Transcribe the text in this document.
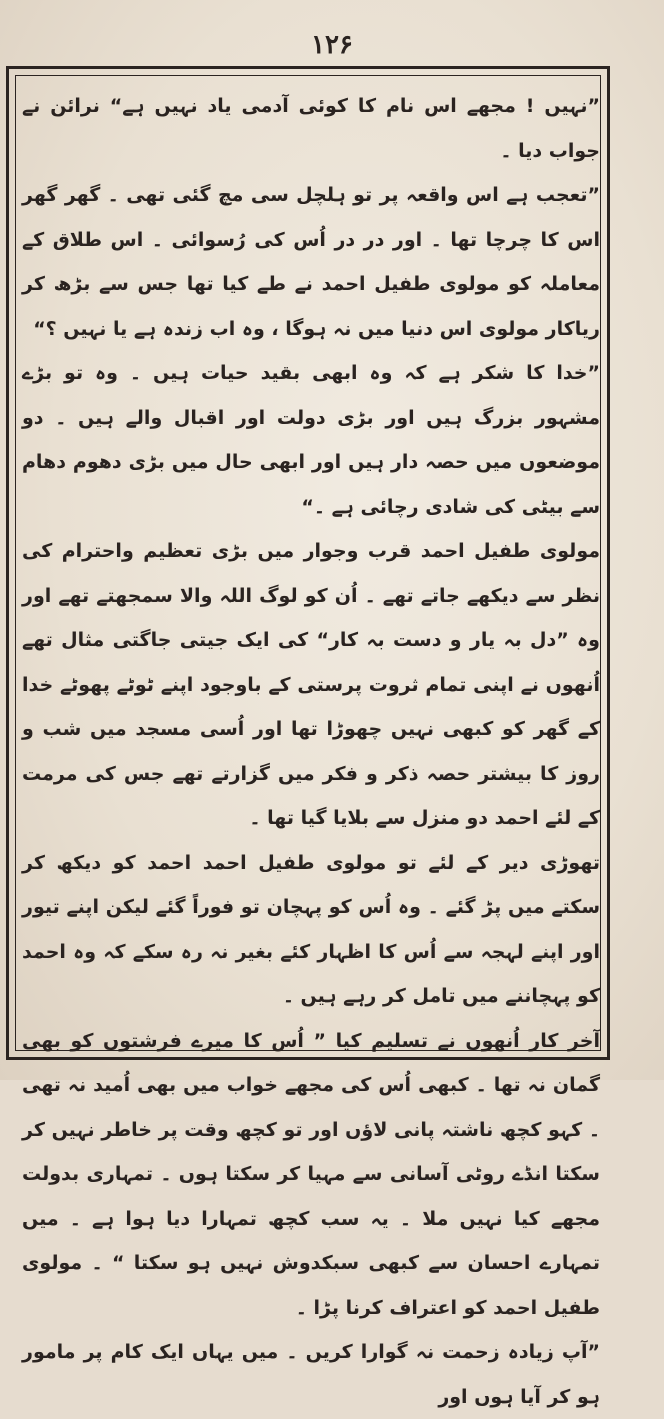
۱۲۶

”نہیں ! مجھے اس نام کا کوئی آدمی یاد نہیں ہے“ نرائن نے جواب دیا ۔

”تعجب ہے اس واقعہ پر تو ہلچل سی مچ گئی تھی ۔ گھر گھر اس کا چرچا تھا ۔ اور در در اُس کی رُسوائی ۔ اس طلاق کے معاملہ کو مولوی طفیل احمد نے طے کیا تھا جس سے بڑھ کر ریاکار مولوی اس دنیا میں نہ ہوگا ، وہ اب زندہ ہے یا نہیں ؟“

”خدا کا شکر ہے کہ وہ ابھی بقید حیات ہیں ۔ وہ تو بڑے مشہور بزرگ ہیں اور بڑی دولت اور اقبال والے ہیں ۔ دو موضعوں میں حصہ دار ہیں اور ابھی حال میں بڑی دھوم دھام سے بیٹی کی شادی رچائی ہے ۔“

مولوی طفیل احمد قرب وجوار میں بڑی تعظیم واحترام کی نظر سے دیکھے جاتے تھے ۔ اُن کو لوگ اللہ والا سمجھتے تھے اور وہ ”دل بہ یار و دست بہ کار“ کی ایک جیتی جاگتی مثال تھے اُنھوں نے اپنی تمام ثروت پرستی کے باوجود اپنے ٹوٹے پھوٹے خدا کے گھر کو کبھی نہیں چھوڑا تھا اور اُسی مسجد میں شب و روز کا بیشتر حصہ ذکر و فکر میں گزارتے تھے جس کی مرمت کے لئے احمد دو منزل سے بلایا گیا تھا ۔

تھوڑی دیر کے لئے تو مولوی طفیل احمد احمد کو دیکھ کر سکتے میں پڑ گئے ۔ وہ اُس کو پہچان تو فوراً گئے لیکن اپنے تیور اور اپنے لہجہ سے اُس کا اظہار کئے بغیر نہ رہ سکے کہ وہ احمد کو پہچاننے میں تامل کر رہے ہیں ۔

آخر کار اُنھوں نے تسلیم کیا ” اُس کا میرے فرشتوں کو بھی گمان نہ تھا ۔ کبھی اُس کی مجھے خواب میں بھی اُمید نہ تھی ۔ کہو کچھ ناشتہ پانی لاؤں اور تو کچھ وقت پر خاطر نہیں کر سکتا انڈے روٹی آسانی سے مہیا کر سکتا ہوں ۔ تمہاری بدولت مجھے کیا نہیں ملا ۔ یہ سب کچھ تمہارا دیا ہوا ہے ۔ میں تمہارے احسان سے کبھی سبکدوش نہیں ہو سکتا “ ۔ مولوی طفیل احمد کو اعتراف کرنا پڑا ۔

”آپ زیادہ زحمت نہ گوارا کریں ۔ میں یہاں ایک کام پر مامور ہو کر آیا ہوں اور
